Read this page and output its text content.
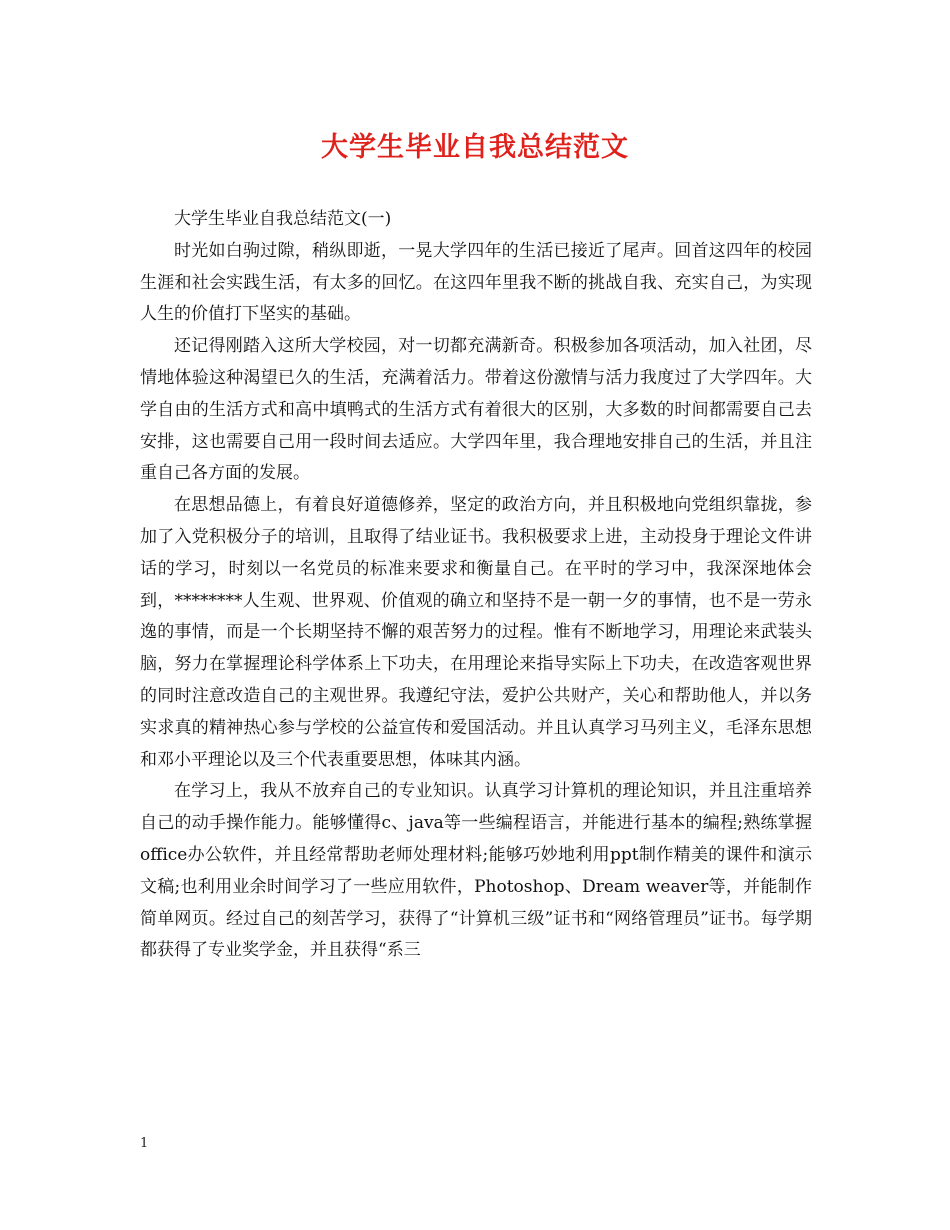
大学生毕业自我总结范文

大学生毕业自我总结范文(一)

时光如白驹过隙，稍纵即逝，一晃大学四年的生活已接近了尾声。回首这四年的校园生涯和社会实践生活，有太多的回忆。在这四年里我不断的挑战自我、充实自己，为实现人生的价值打下坚实的基础。

还记得刚踏入这所大学校园，对一切都充满新奇。积极参加各项活动，加入社团，尽情地体验这种渴望已久的生活，充满着活力。带着这份激情与活力我度过了大学四年。大学自由的生活方式和高中填鸭式的生活方式有着很大的区别，大多数的时间都需要自己去安排，这也需要自己用一段时间去适应。大学四年里，我合理地安排自己的生活，并且注重自己各方面的发展。

在思想品德上，有着良好道德修养，坚定的政治方向，并且积极地向党组织靠拢，参加了入党积极分子的培训，且取得了结业证书。我积极要求上进，主动投身于理论文件讲话的学习，时刻以一名党员的标准来要求和衡量自己。在平时的学习中，我深深地体会到，********人生观、世界观、价值观的确立和坚持不是一朝一夕的事情，也不是一劳永逸的事情，而是一个长期坚持不懈的艰苦努力的过程。惟有不断地学习，用理论来武装头脑，努力在掌握理论科学体系上下功夫，在用理论来指导实际上下功夫，在改造客观世界的同时注意改造自己的主观世界。我遵纪守法，爱护公共财产，关心和帮助他人，并以务实求真的精神热心参与学校的公益宣传和爱国活动。并且认真学习马列主义，毛泽东思想和邓小平理论以及三个代表重要思想，体味其内涵。

在学习上，我从不放弃自己的专业知识。认真学习计算机的理论知识，并且注重培养自己的动手操作能力。能够懂得c、java等一些编程语言，并能进行基本的编程;熟练掌握office办公软件，并且经常帮助老师处理材料;能够巧妙地利用ppt制作精美的课件和演示文稿;也利用业余时间学习了一些应用软件，Photoshop、Dream weaver等，并能制作简单网页。经过自己的刻苦学习，获得了“计算机三级”证书和“网络管理员”证书。每学期都获得了专业奖学金，并且获得“系三

1
